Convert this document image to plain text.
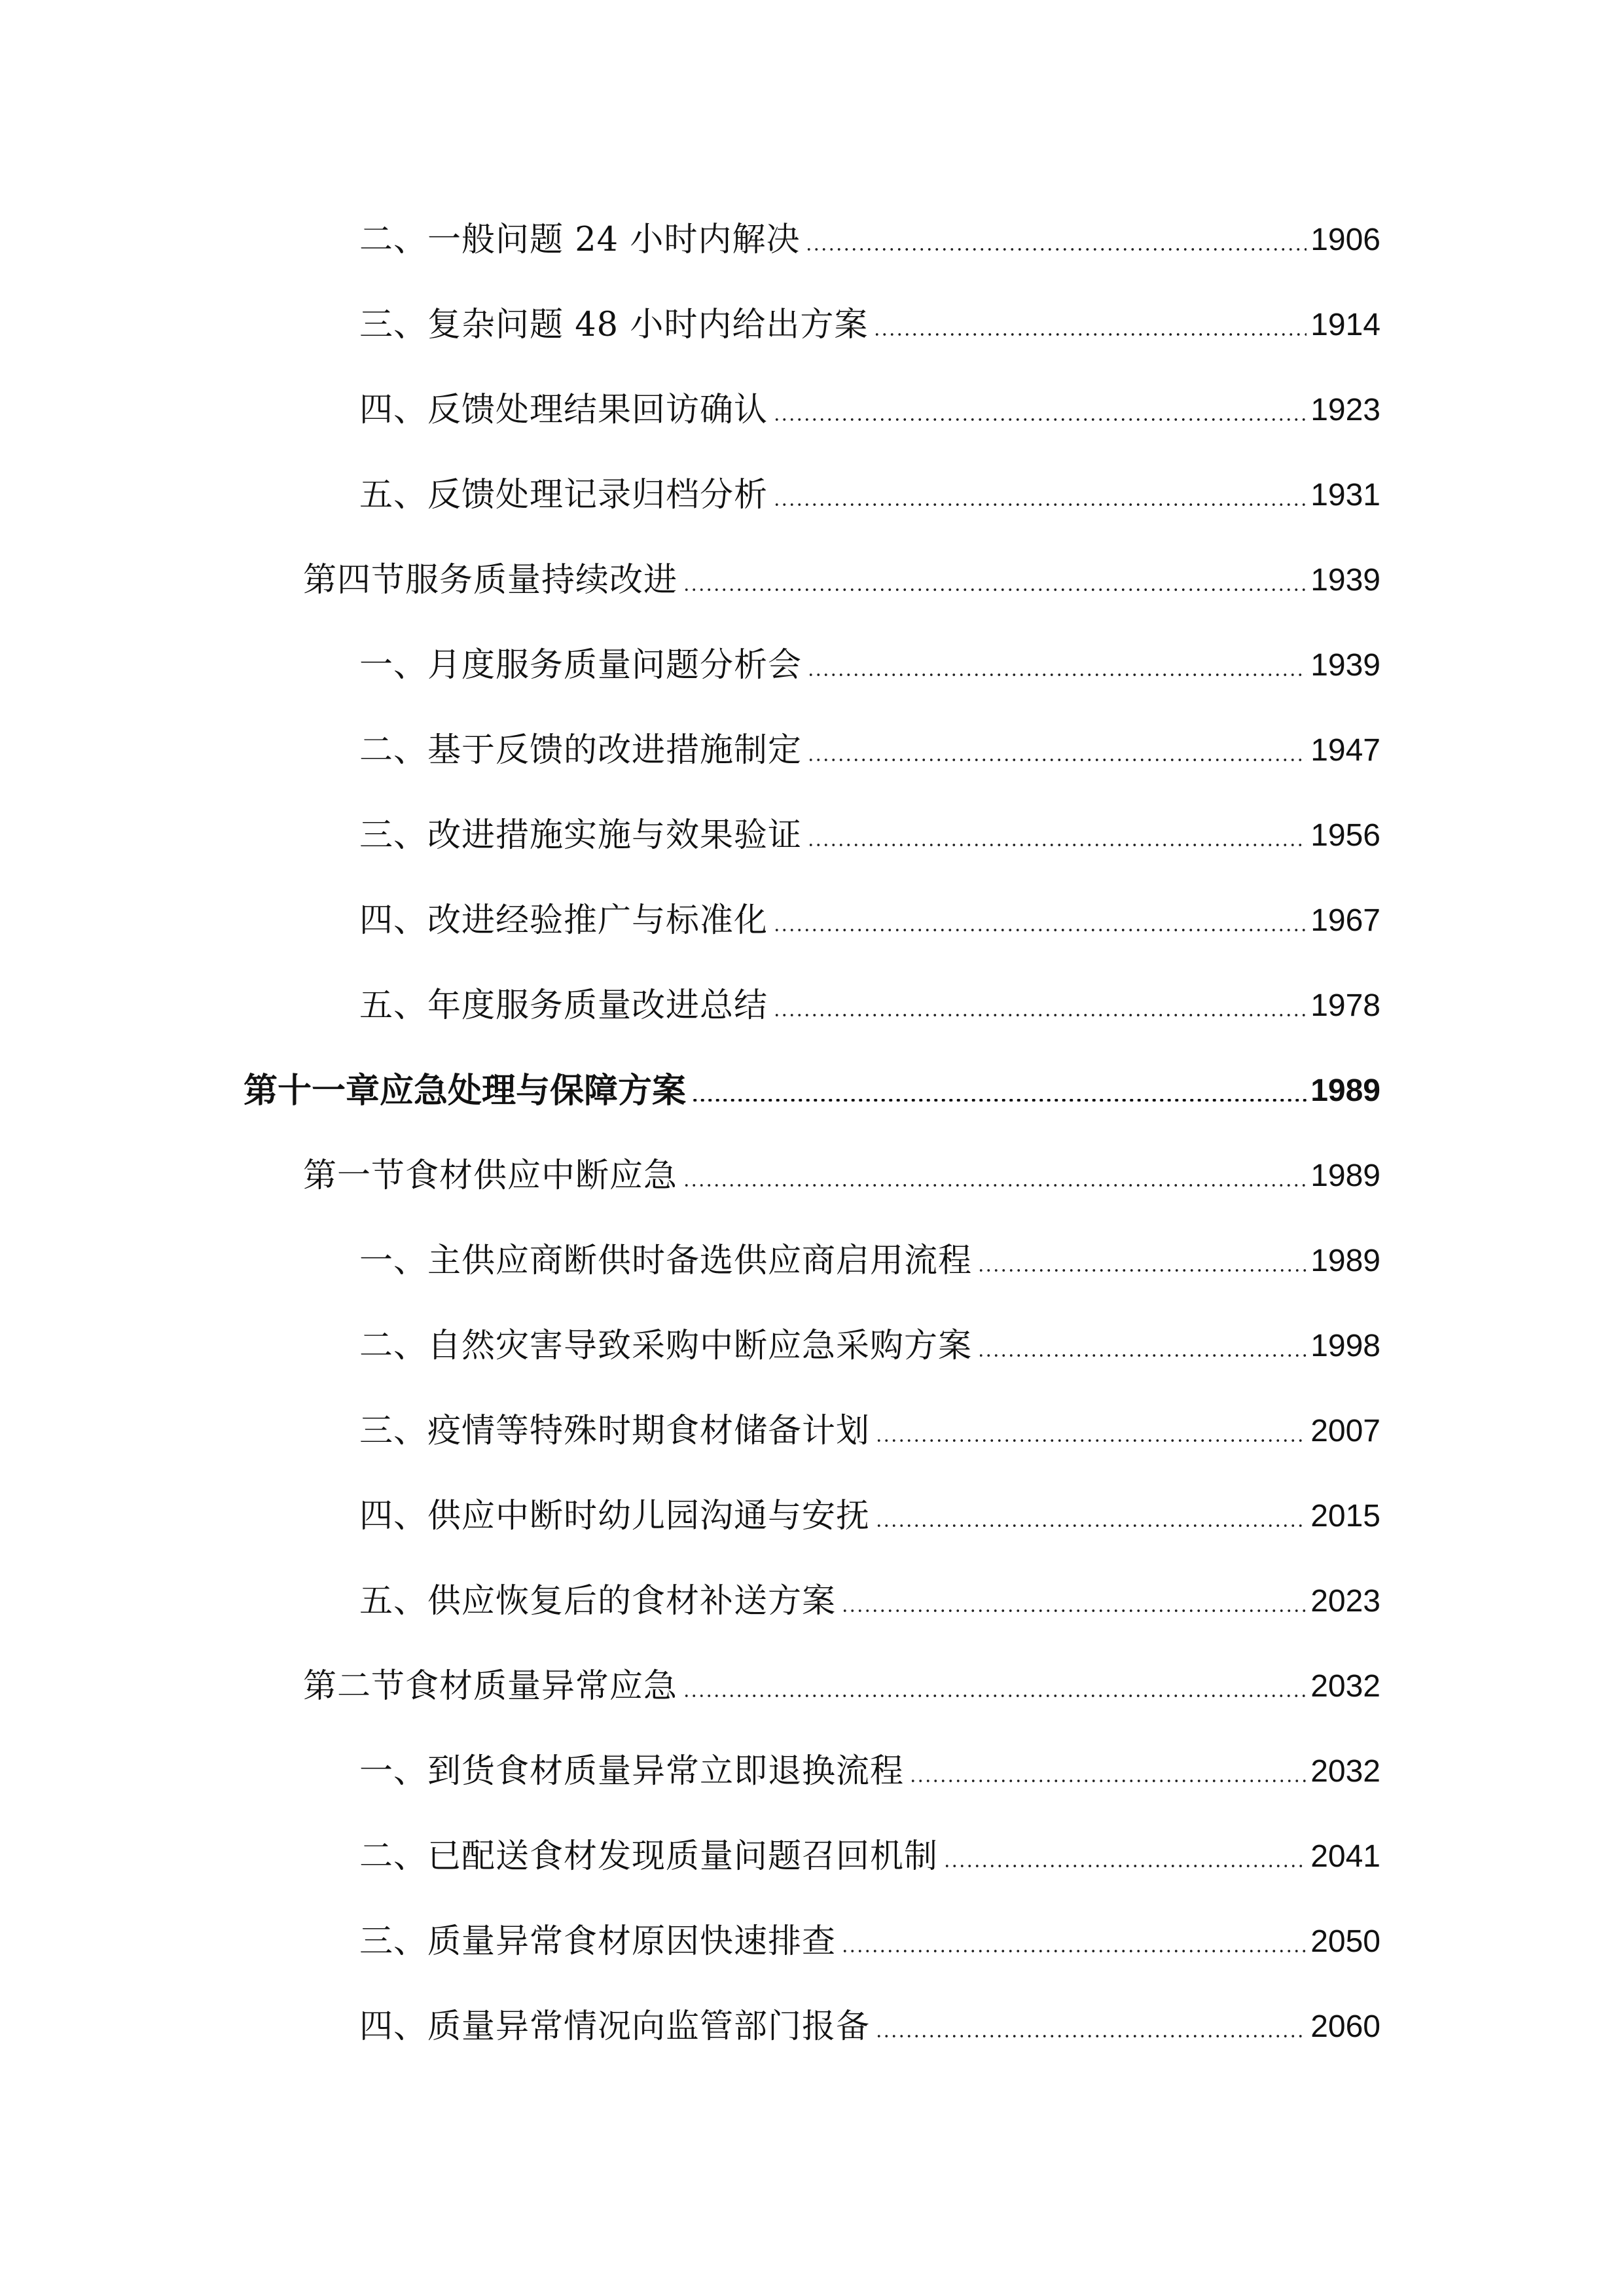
二、一般问题 24 小时内解决	1906
三、复杂问题 48 小时内给出方案	1914
四、反馈处理结果回访确认	1923
五、反馈处理记录归档分析	1931
第四节服务质量持续改进	1939
一、月度服务质量问题分析会	1939
二、基于反馈的改进措施制定	1947
三、改进措施实施与效果验证	1956
四、改进经验推广与标准化	1967
五、年度服务质量改进总结	1978
第十一章应急处理与保障方案	1989
第一节食材供应中断应急	1989
一、主供应商断供时备选供应商启用流程	1989
二、自然灾害导致采购中断应急采购方案	1998
三、疫情等特殊时期食材储备计划	2007
四、供应中断时幼儿园沟通与安抚	2015
五、供应恢复后的食材补送方案	2023
第二节食材质量异常应急	2032
一、到货食材质量异常立即退换流程	2032
二、已配送食材发现质量问题召回机制	2041
三、质量异常食材原因快速排查	2050
四、质量异常情况向监管部门报备	2060
